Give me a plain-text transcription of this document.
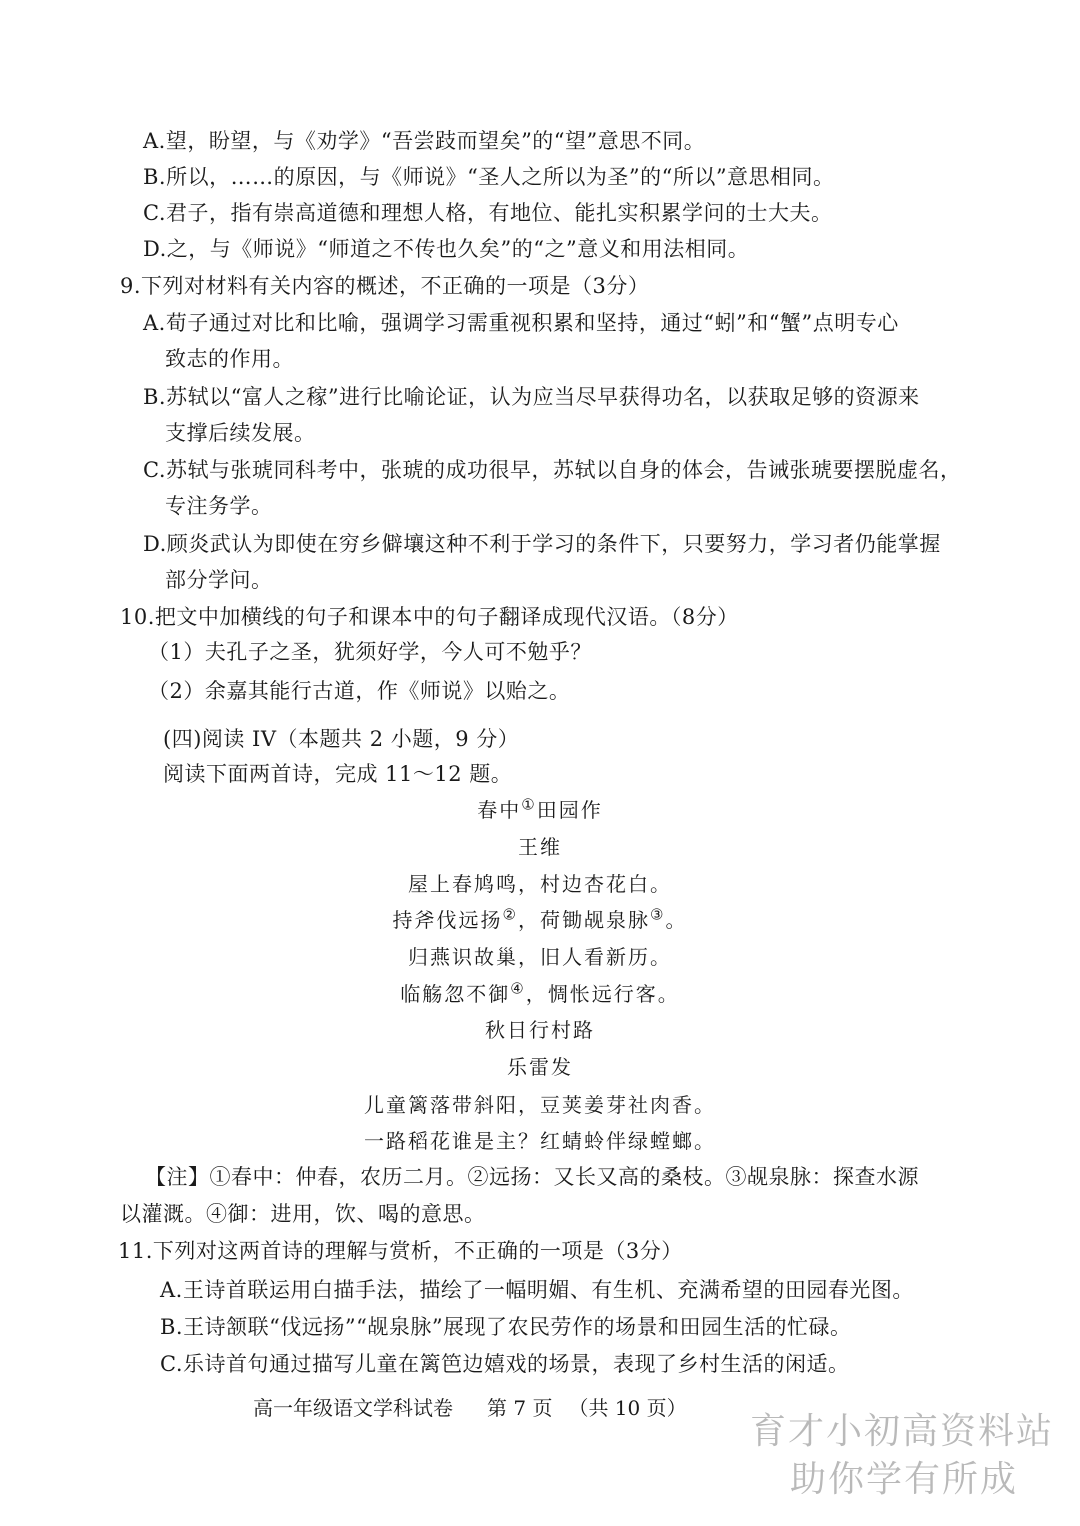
A.望，盼望，与《劝学》“吾尝跂而望矣”的“望”意思不同。
B.所以，……的原因，与《师说》“圣人之所以为圣”的“所以”意思相同。
C.君子，指有崇高道德和理想人格，有地位、能扎实积累学问的士大夫。
D.之，与《师说》“师道之不传也久矣”的“之”意义和用法相同。
9.下列对材料有关内容的概述，不正确的一项是（3分）
A.荀子通过对比和比喻，强调学习需重视积累和坚持，通过“蚓”和“蟹”点明专心
致志的作用。
B.苏轼以“富人之稼”进行比喻论证，认为应当尽早获得功名，以获取足够的资源来
支撑后续发展。
C.苏轼与张琥同科考中，张琥的成功很早，苏轼以自身的体会，告诫张琥要摆脱虚名，
专注务学。
D.顾炎武认为即使在穷乡僻壤这种不利于学习的条件下，只要努力，学习者仍能掌握
部分学问。
10.把文中加横线的句子和课本中的句子翻译成现代汉语。（8分）
（1）夫孔子之圣，犹须好学，今人可不勉乎？
（2）余嘉其能行古道，作《师说》以贻之。
(四)阅读 IV（本题共 2 小题，9 分）
阅读下面两首诗，完成 11～12 题。
春中①田园作
王维
屋上春鸠鸣，村边杏花白。
持斧伐远扬②，荷锄觇泉脉③。
归燕识故巢，旧人看新历。
临觞忽不御④，惆怅远行客。
秋日行村路
乐雷发
儿童篱落带斜阳，豆荚姜芽社肉香。
一路稻花谁是主？红蜻蛉伴绿螳螂。
【注】①春中：仲春，农历二月。②远扬：又长又高的桑枝。③觇泉脉：探查水源
以灌溉。④御：进用，饮、喝的意思。
11.下列对这两首诗的理解与赏析，不正确的一项是（3分）
A.王诗首联运用白描手法，描绘了一幅明媚、有生机、充满希望的田园春光图。
B.王诗颔联“伐远扬”“觇泉脉”展现了农民劳作的场景和田园生活的忙碌。
C.乐诗首句通过描写儿童在篱笆边嬉戏的场景，表现了乡村生活的闲适。
高一年级语文学科试卷 第 7 页 （共 10 页）
育才小初高资料站
助你学有所成
